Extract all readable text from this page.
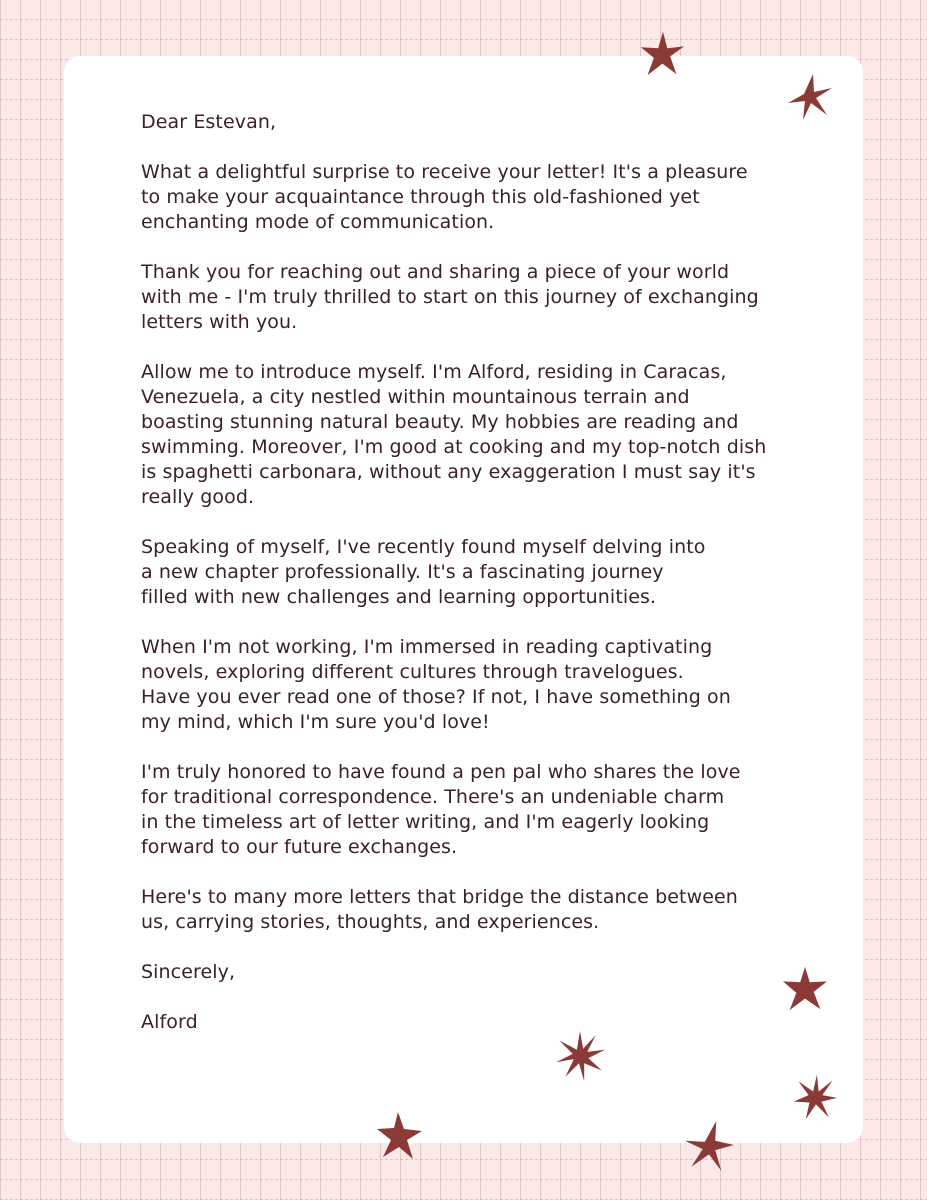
Dear Estevan,

What a delightful surprise to receive your letter! It's a pleasure
to make your acquaintance through this old-fashioned yet
enchanting mode of communication.

Thank you for reaching out and sharing a piece of your world
with me - I'm truly thrilled to start on this journey of exchanging
letters with you.

Allow me to introduce myself. I'm Alford, residing in Caracas,
Venezuela, a city nestled within mountainous terrain and
boasting stunning natural beauty. My hobbies are reading and
swimming. Moreover, I'm good at cooking and my top-notch dish
is spaghetti carbonara, without any exaggeration I must say it's
really good.

Speaking of myself, I've recently found myself delving into
a new chapter professionally. It's a fascinating journey
filled with new challenges and learning opportunities.

When I'm not working, I'm immersed in reading captivating
novels, exploring different cultures through travelogues.
Have you ever read one of those? If not, I have something on
my mind, which I'm sure you'd love!

I'm truly honored to have found a pen pal who shares the love
for traditional correspondence. There's an undeniable charm
in the timeless art of letter writing, and I'm eagerly looking
forward to our future exchanges.

Here's to many more letters that bridge the distance between
us, carrying stories, thoughts, and experiences.

Sincerely,

Alford
